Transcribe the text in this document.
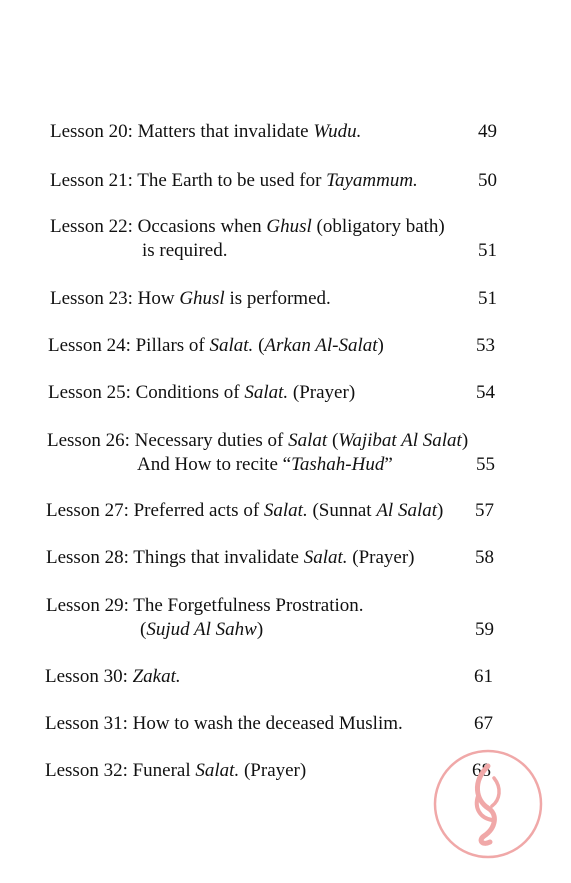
Lesson 20: Matters that invalidate Wudu.	49
Lesson 21: The Earth to be used for Tayammum.	50
Lesson 22: Occasions when Ghusl (obligatory bath)
is required.	51
Lesson 23: How Ghusl is performed.	51
Lesson 24: Pillars of Salat. (Arkan Al-Salat)	53
Lesson 25: Conditions of Salat. (Prayer)	54
Lesson 26: Necessary duties of Salat (Wajibat Al Salat)
And How to recite “Tashah-Hud”	55
Lesson 27: Preferred acts of Salat. (Sunnat Al Salat) 57
Lesson 28: Things that invalidate Salat. (Prayer)	58
Lesson 29: The Forgetfulness Prostration.
(Sujud Al Sahw)	59
Lesson 30: Zakat.	61
Lesson 31: How to wash the deceased Muslim.	67
Lesson 32: Funeral Salat. (Prayer)	68
